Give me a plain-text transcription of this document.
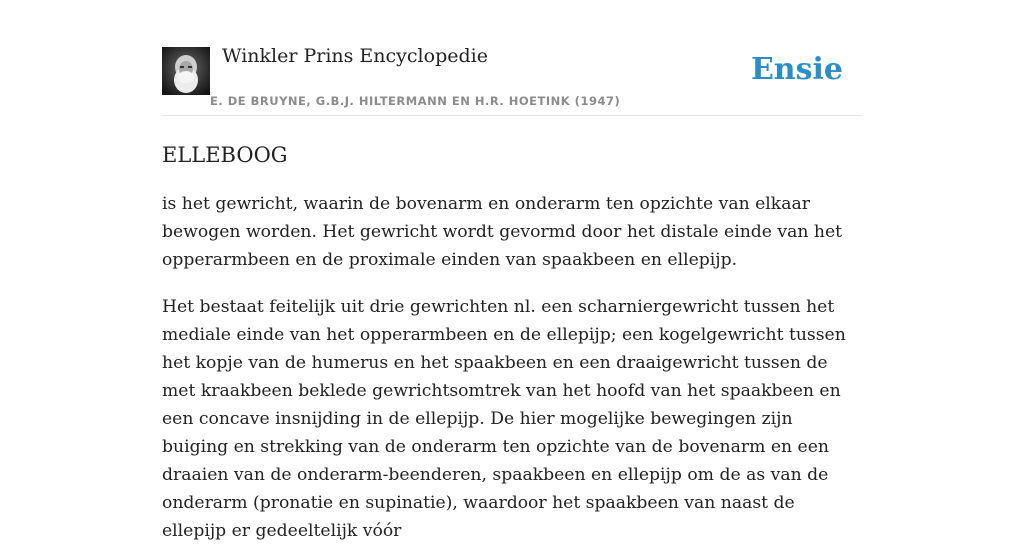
Winkler Prins Encyclopedie
E. DE BRUYNE, G.B.J. HILTERMANN EN H.R. HOETINK (1947)
Ensie
ELLEBOOG

is het gewricht, waarin de bovenarm en onderarm ten opzichte van elkaar bewogen worden. Het gewricht wordt gevormd door het distale einde van het opperarmbeen en de proximale einden van spaakbeen en ellepijp.

Het bestaat feitelijk uit drie gewrichten nl. een scharniergewricht tussen het mediale einde van het opperarmbeen en de ellepijp; een kogelgewricht tussen het kopje van de humerus en het spaakbeen en een draaigewricht tussen de met kraakbeen beklede gewrichtsomtrek van het hoofd van het spaakbeen en een concave insnijding in de ellepijp. De hier mogelijke bewegingen zijn buiging en strekking van de onderarm ten opzichte van de bovenarm en een draaien van de onderarm-beenderen, spaakbeen en ellepijp om de as van de onderarm (pronatie en supinatie), waardoor het spaakbeen van naast de ellepijp er gedeeltelijk vóór
